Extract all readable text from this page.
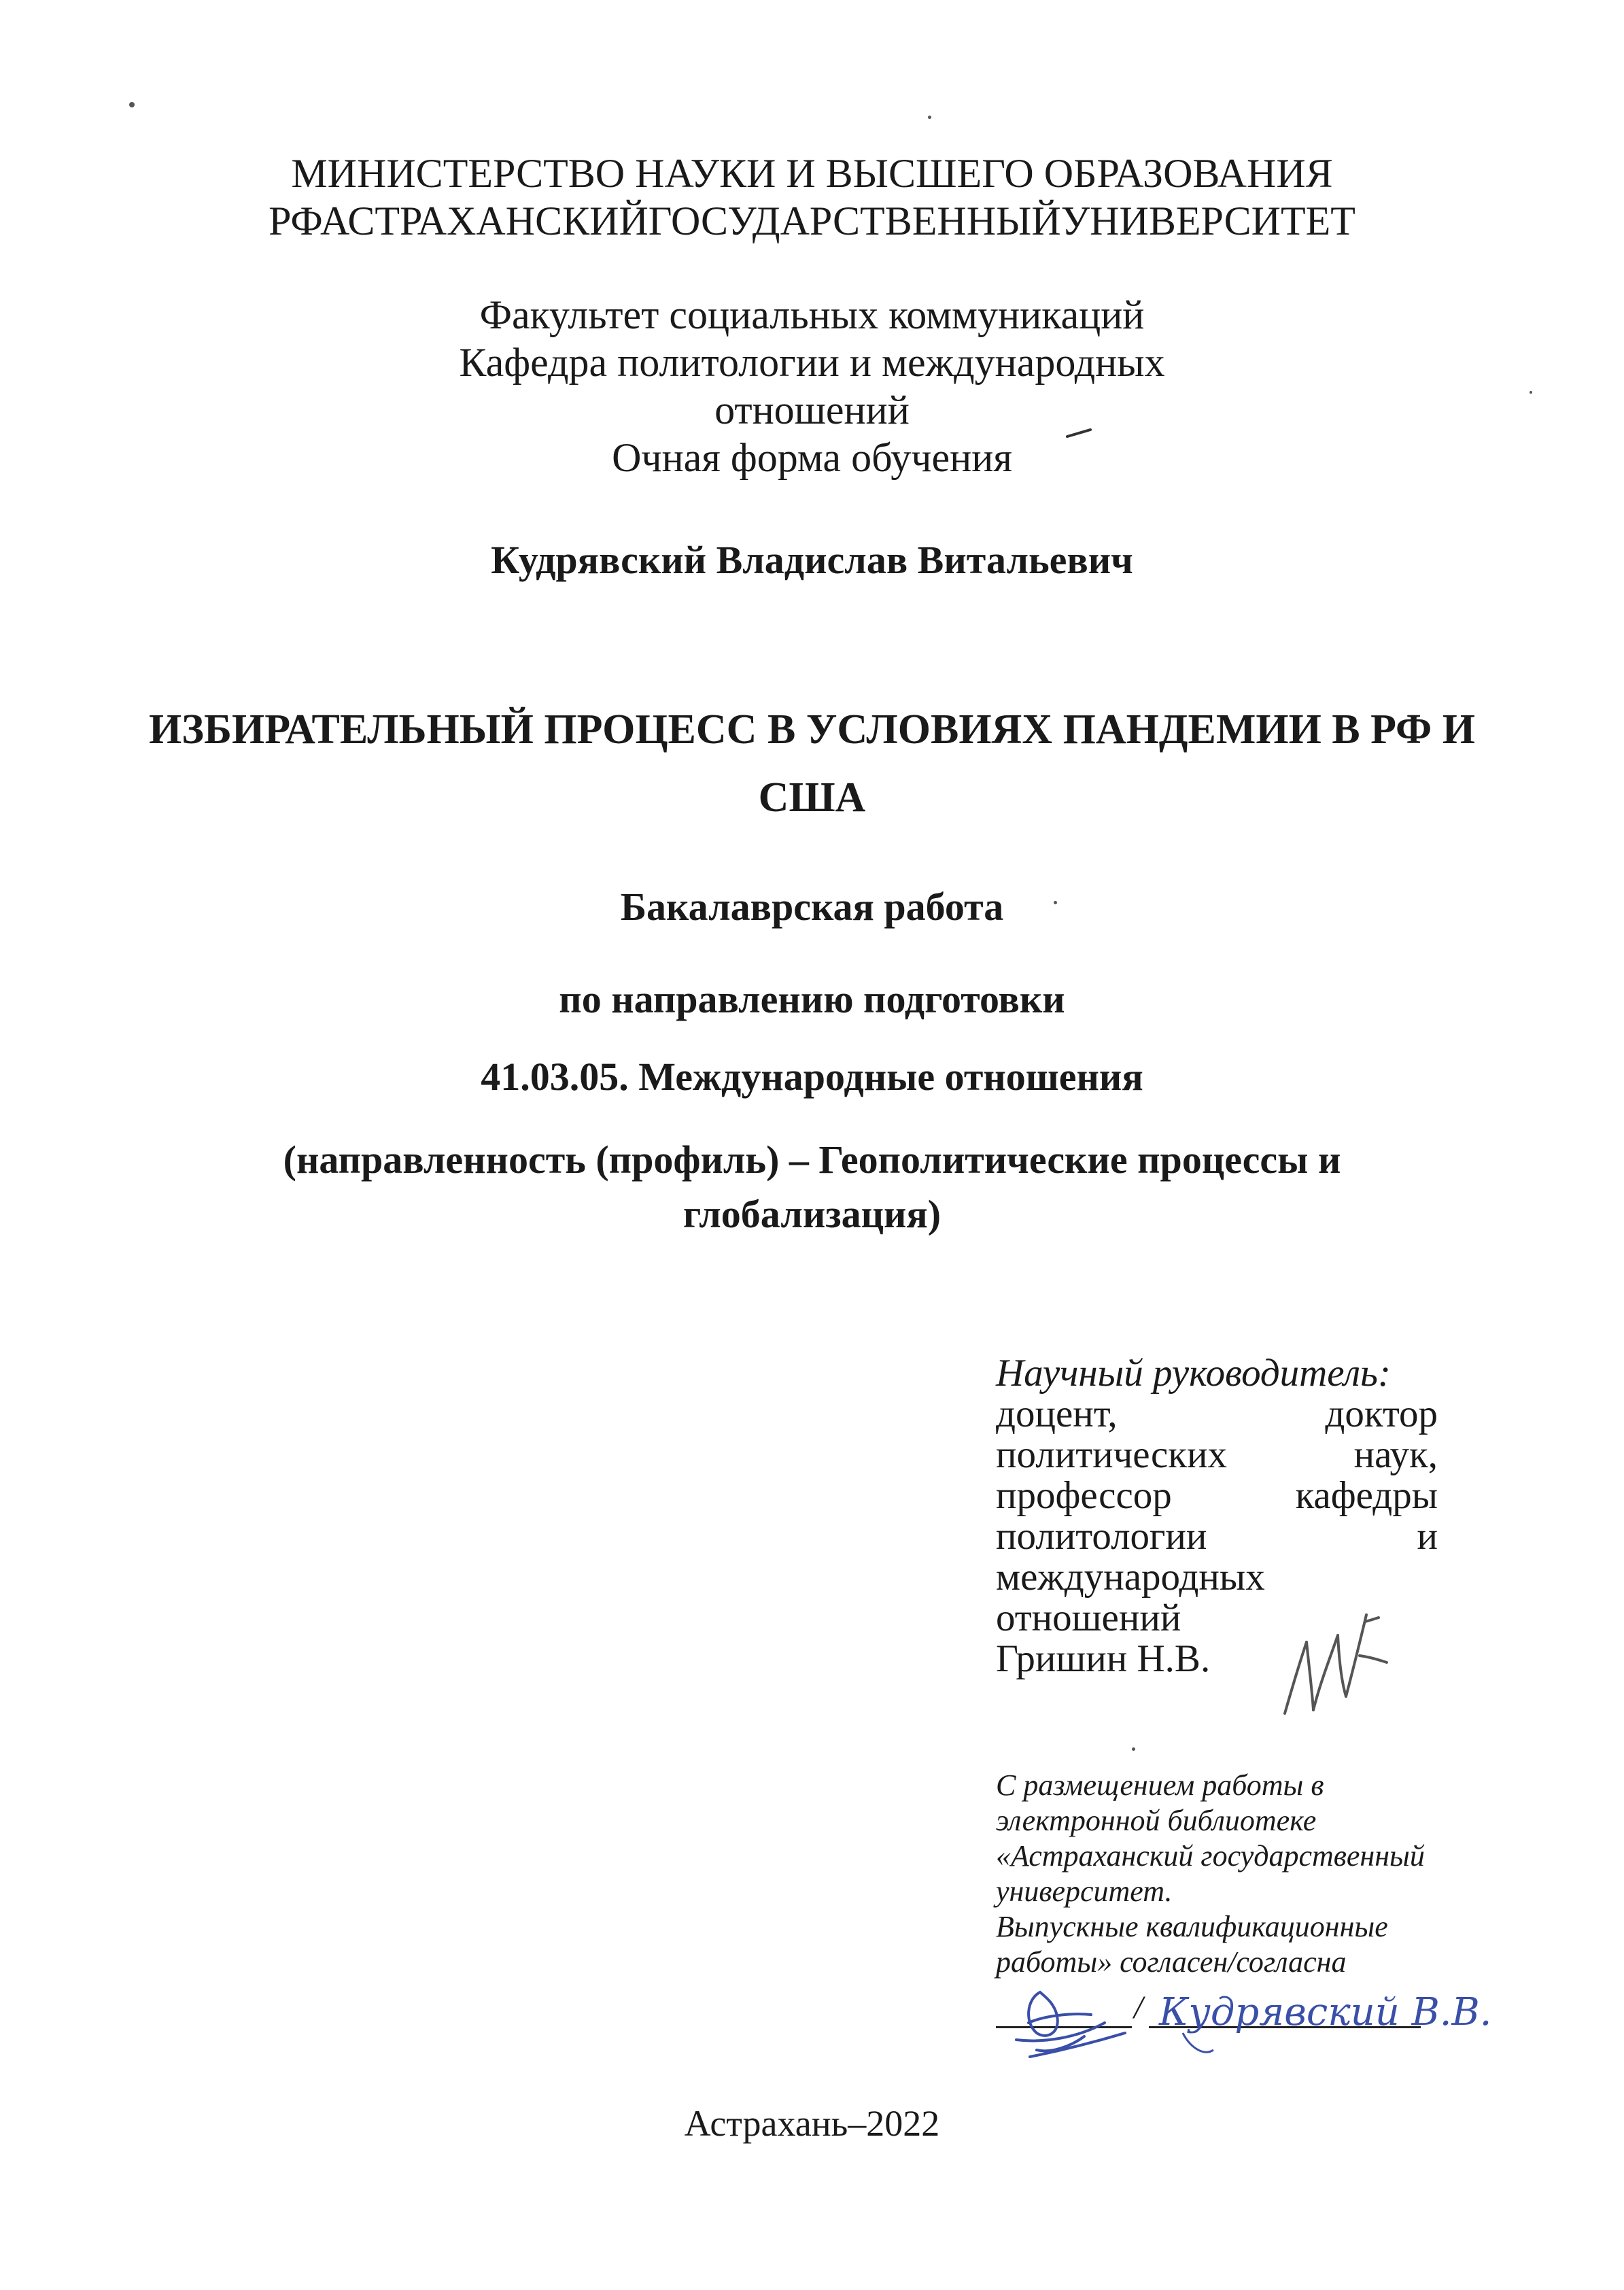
МИНИСТЕРСТВО НАУКИ И ВЫСШЕГО ОБРАЗОВАНИЯ
РФАСТРАХАНСКИЙГОСУДАРСТВЕННЫЙУНИВЕРСИТЕТ
Факультет социальных коммуникаций
Кафедра политологии и международных
отношений
Очная форма обучения
Кудрявский Владислав Витальевич
ИЗБИРАТЕЛЬНЫЙ ПРОЦЕСС В УСЛОВИЯХ ПАНДЕМИИ В РФ И
США
Бакалаврская работа
по направлению подготовки
41.03.05. Международные отношения
(направленность (профиль) – Геополитические процессы и
глобализация)
Научный руководитель:
доцент,	доктор
политических	наук,
профессор	кафедры
политологии	и
международных
отношений
Гришин Н.В.
С размещением работы в
электронной библиотеке
«Астраханский государственный
университет.
Выпускные квалификационные
работы» согласен/согласна
/ Кудрявский В.В.
Астрахань–2022
